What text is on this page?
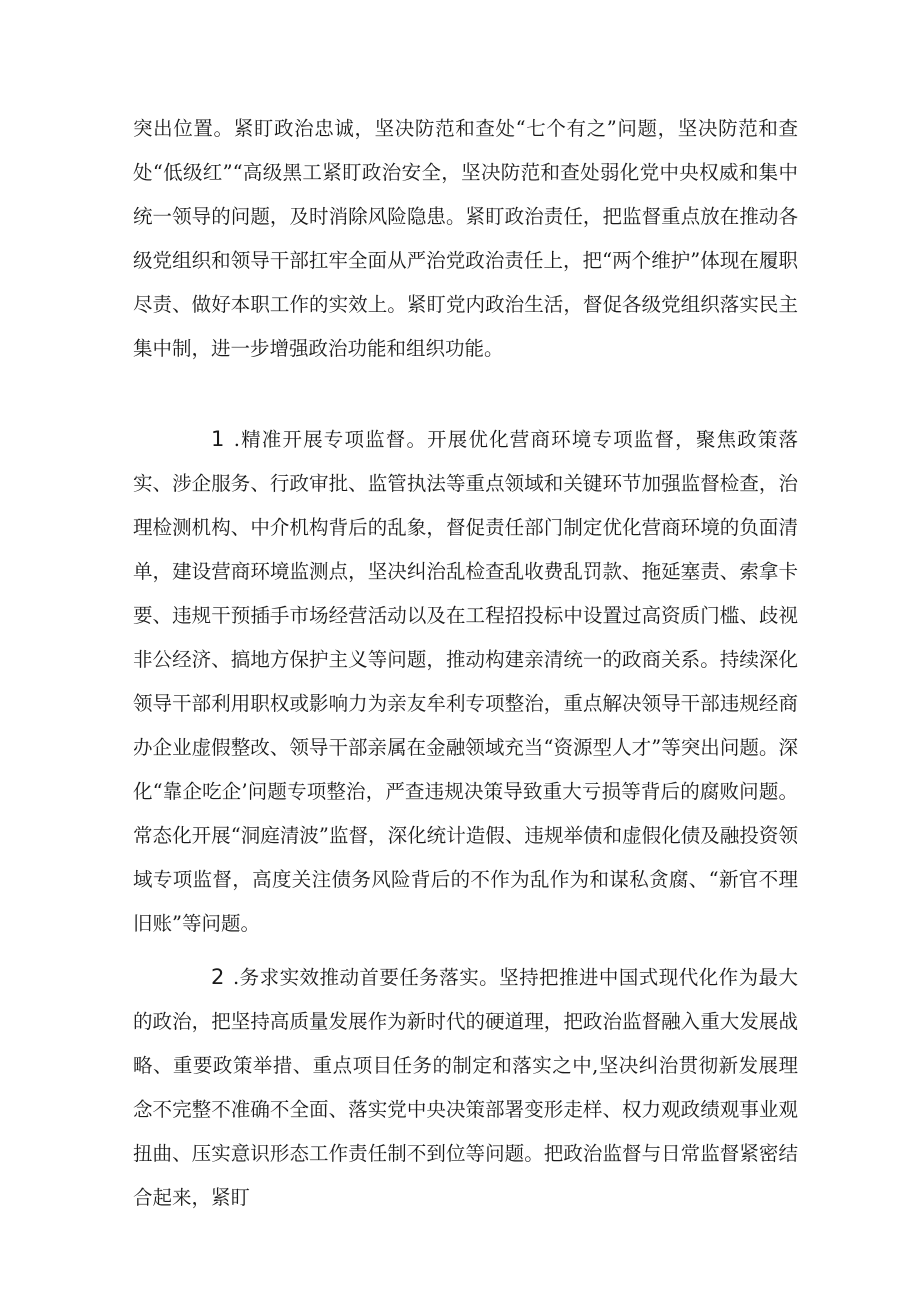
突出位置。紧盯政治忠诚，坚决防范和查处“七个有之”问题，坚决防范和查处“低级红”“高级黑工紧盯政治安全，坚决防范和查处弱化党中央权威和集中统一领导的问题，及时消除风险隐患。紧盯政治责任，把监督重点放在推动各级党组织和领导干部扛牢全面从严治党政治责任上，把“两个维护”体现在履职尽责、做好本职工作的实效上。紧盯党内政治生活，督促各级党组织落实民主集中制，进一步增强政治功能和组织功能。

1 .精准开展专项监督。开展优化营商环境专项监督，聚焦政策落实、涉企服务、行政审批、监管执法等重点领域和关键环节加强监督检查，治理检测机构、中介机构背后的乱象，督促责任部门制定优化营商环境的负面清单，建设营商环境监测点，坚决纠治乱检查乱收费乱罚款、拖延塞责、索拿卡要、违规干预插手市场经营活动以及在工程招投标中设置过高资质门槛、歧视非公经济、搞地方保护主义等问题，推动构建亲清统一的政商关系。持续深化领导干部利用职权或影响力为亲友牟利专项整治，重点解决领导干部违规经商办企业虚假整改、领导干部亲属在金融领域充当“资源型人才”等突出问题。深化“靠企吃企’问题专项整治，严查违规决策导致重大亏损等背后的腐败问题。常态化开展“洞庭清波”监督，深化统计造假、违规举债和虚假化债及融投资领域专项监督，高度关注债务风险背后的不作为乱作为和谋私贪腐、“新官不理旧账”等问题。

2 .务求实效推动首要任务落实。坚持把推进中国式现代化作为最大的政治，把坚持高质量发展作为新时代的硬道理，把政治监督融入重大发展战略、重要政策举措、重点项目任务的制定和落实之中,坚决纠治贯彻新发展理念不完整不准确不全面、落实党中央决策部署变形走样、权力观政绩观事业观扭曲、压实意识形态工作责任制不到位等问题。把政治监督与日常监督紧密结合起来，紧盯
